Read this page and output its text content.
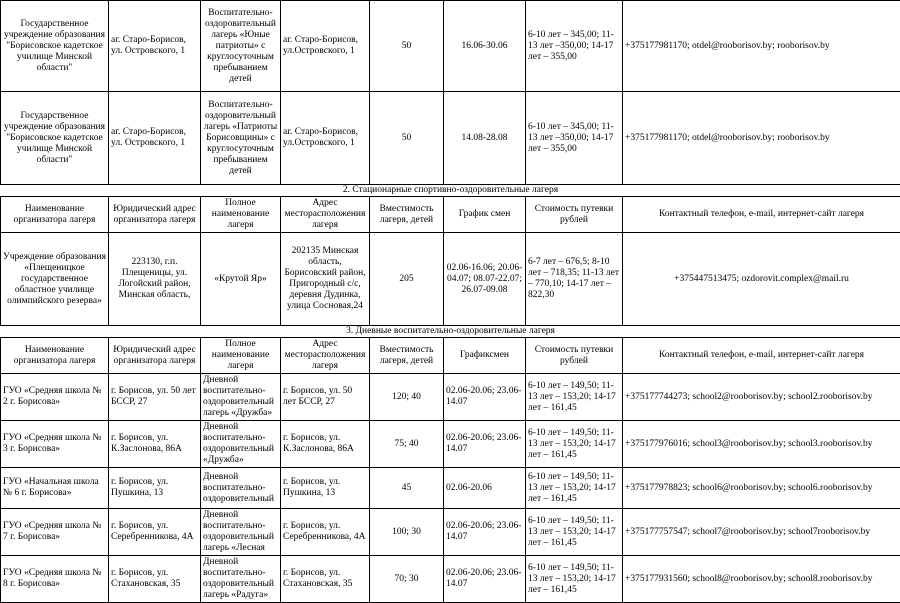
Государственное учреждение образования "Борисовское кадетское училище Минской области"	аг. Старо-Борисов, ул. Островского, 1	Воспитательно-оздоровительный лагерь «Юные патриоты» с круглосуточным пребыванием детей	аг. Старо-Борисов, ул.Островского, 1	50	16.06-30.06	6-10 лет – 345,00; 11-13 лет –350,00; 14-17 лет – 355,00	+375177981170; otdel@rooborisov.by; rooborisov.by
Государственное учреждение образования "Борисовское кадетское училище Минской области"	аг. Старо-Борисов, ул. Островского, 1	Воспитательно-оздоровительный лагерь «Патриоты Борисовщины» с круглосуточным пребыванием детей	аг. Старо-Борисов, ул.Островского, 1	50	14.08-28.08	6-10 лет – 345,00; 11-13 лет –350,00; 14-17 лет – 355,00	+375177981170; otdel@rooborisov.by; rooborisov.by
2. Стационарные спортивно-оздоровительные лагеря							
Наименование организатора лагеря	Юридический адрес организатора лагеря	Полное наименование лагеря	Адрес месторасположения лагеря	Вместимость лагеря, детей	График смен	Стоимость путевки рублей	Контактный телефон, e-mail, интернет-сайт лагеря
Учреждение образования «Плещеницкое государственное областное училище олимпийского резерва»	223130, г.п. Плещеницы, ул. Логойский район, Минская область,	«Крутой Яр»	202135 Минская область, Борисовский район, Пригородный с/с, деревня Дудинка, улица Сосновая,24	205	02.06-16.06; 20.06-04.07; 08.07-22.07; 26.07-09.08	6-7 лет – 676,5; 8-10 лет – 718,35; 11-13 лет – 770,10; 14-17 лет – 822,30	+375447513475; ozdorovit.complex@mail.ru
3. Дневные воспитательно-оздоровительные лагеря							
Наименование организатора лагеря	Юридический адрес организатора лагеря	Полное наименование лагеря	Адрес месторасположения лагеря	Вместимость лагеря, детей	Графиксмен	Стоимость путевки рублей	Контактный телефон, e-mail, интернет-сайт лагеря
ГУО «Средняя школа № 2 г. Борисова»	г. Борисов, ул. 50 лет БССР, 27	Дневной воспитательно-оздоровительный лагерь «Дружба»	г. Борисов, ул. 50 лет БССР, 27	120; 40	02.06-20.06; 23.06-14.07	6-10 лет – 149,50; 11-13 лет – 153,20; 14-17 лет – 161,45	+375177744273; school2@rooborisov.by; school2.rooborisov.by
ГУО «Средняя школа № 3 г. Борисова»	г. Борисов, ул. К.Заслонова, 86А	Дневной воспитательно-оздоровительный «Дружба»	г. Борисов, ул. К.Заслонова, 86А	75; 40	02.06-20.06; 23.06-14.07	6-10 лет – 149,50; 11-13 лет – 153,20; 14-17 лет – 161,45	+375177976016; school3@rooborisov.by; school3.rooborisov.by
ГУО «Начальная школа № 6 г. Борисова»	г. Борисов, ул. Пушкина, 13	Дневной воспитательно-оздоровительный	г. Борисов, ул. Пушкина, 13	45	02.06-20.06	6-10 лет – 149,50; 11-13 лет – 153,20; 14-17 лет – 161,45	+375177978823; school6@rooborisov.by; school6.rooborisov.by
ГУО «Средняя школа № 7 г. Борисова»	г. Борисов, ул. Серебренникова, 4А	Дневной воспитательно-оздоровительный лагерь «Лесная	г. Борисов, ул. Серебренникова, 4А	100; 30	02.06-20.06; 23.06-14.07	6-10 лет – 149,50; 11-13 лет – 153,20; 14-17 лет – 161,45	+375177757547; school7@rooborisov.by; school7rooborisov.by
ГУО «Средняя школа № 8 г. Борисова»	г. Борисов, ул. Стахановская, 35	Дневной воспитательно-оздоровительный лагерь «Радуга»	г. Борисов, ул. Стахановская, 35	70; 30	02.06-20.06; 23.06-14.07	6-10 лет – 149,50; 11-13 лет – 153,20; 14-17 лет – 161,45	+375177931560; school8@rooborisov.by; school8.rooborisov.by
